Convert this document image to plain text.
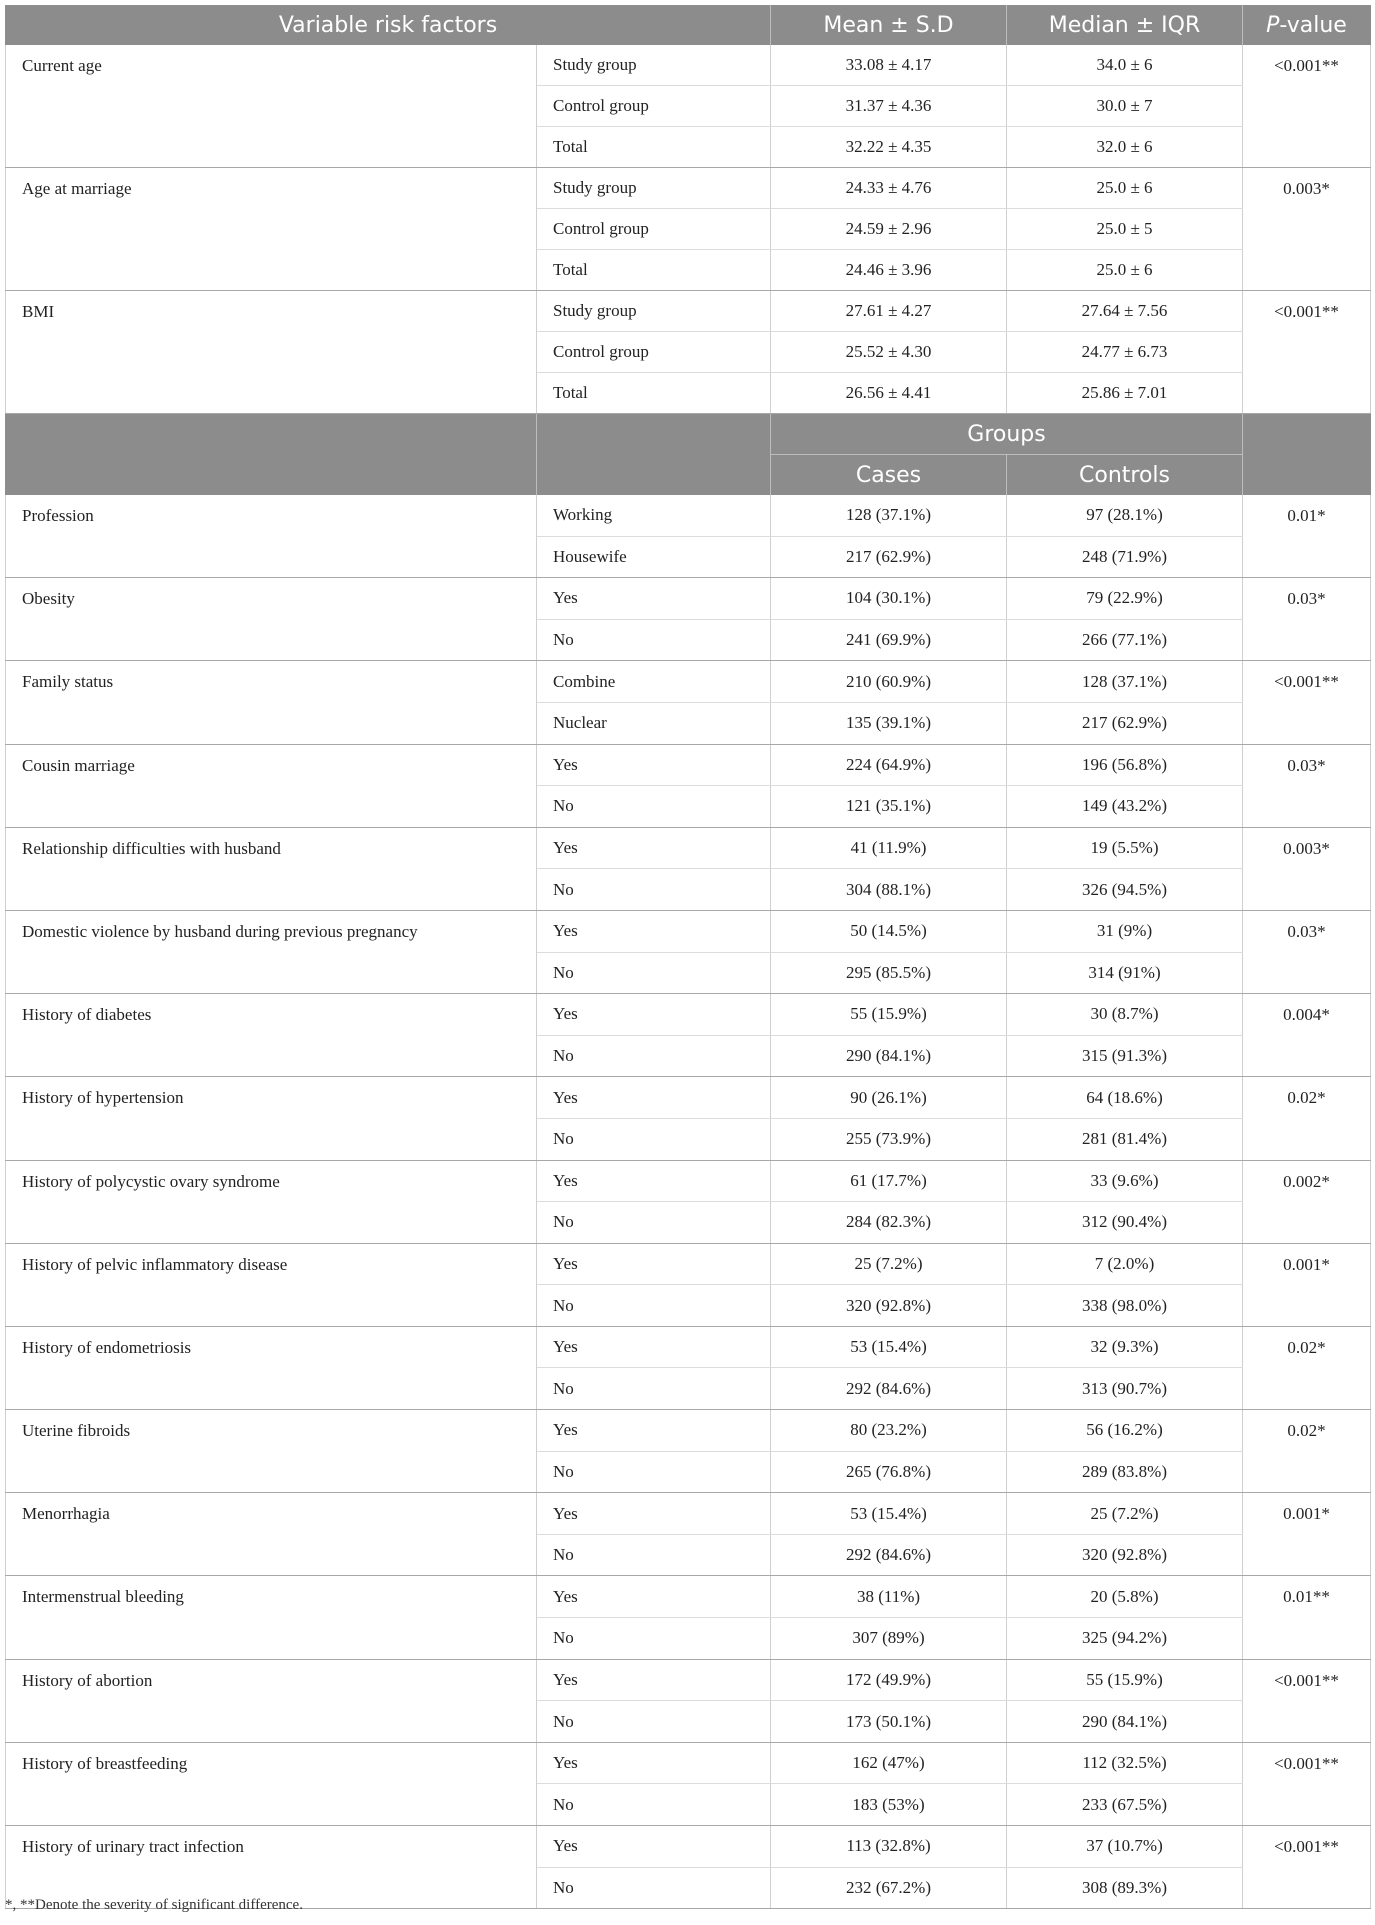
Variable risk factors		Mean ± S.D	Median ± IQR	P-value
Current age	Study group	33.08 ± 4.17	34.0 ± 6	<0.001**
	Control group	31.37 ± 4.36	30.0 ± 7	
	Total	32.22 ± 4.35	32.0 ± 6	
Age at marriage	Study group	24.33 ± 4.76	25.0 ± 6	0.003*
	Control group	24.59 ± 2.96	25.0 ± 5	
	Total	24.46 ± 3.96	25.0 ± 6	
BMI	Study group	27.61 ± 4.27	27.64 ± 7.56	<0.001**
	Control group	25.52 ± 4.30	24.77 ± 6.73	
	Total	26.56 ± 4.41	25.86 ± 7.01	
		Groups		
		Cases	Controls	
Profession	Working	128 (37.1%)	97 (28.1%)	0.01*
	Housewife	217 (62.9%)	248 (71.9%)	
Obesity	Yes	104 (30.1%)	79 (22.9%)	0.03*
	No	241 (69.9%)	266 (77.1%)	
Family status	Combine	210 (60.9%)	128 (37.1%)	<0.001**
	Nuclear	135 (39.1%)	217 (62.9%)	
Cousin marriage	Yes	224 (64.9%)	196 (56.8%)	0.03*
	No	121 (35.1%)	149 (43.2%)	
Relationship difficulties with husband	Yes	41 (11.9%)	19 (5.5%)	0.003*
	No	304 (88.1%)	326 (94.5%)	
Domestic violence by husband during previous pregnancy	Yes	50 (14.5%)	31 (9%)	0.03*
	No	295 (85.5%)	314 (91%)	
History of diabetes	Yes	55 (15.9%)	30 (8.7%)	0.004*
	No	290 (84.1%)	315 (91.3%)	
History of hypertension	Yes	90 (26.1%)	64 (18.6%)	0.02*
	No	255 (73.9%)	281 (81.4%)	
History of polycystic ovary syndrome	Yes	61 (17.7%)	33 (9.6%)	0.002*
	No	284 (82.3%)	312 (90.4%)	
History of pelvic inflammatory disease	Yes	25 (7.2%)	7 (2.0%)	0.001*
	No	320 (92.8%)	338 (98.0%)	
History of endometriosis	Yes	53 (15.4%)	32 (9.3%)	0.02*
	No	292 (84.6%)	313 (90.7%)	
Uterine fibroids	Yes	80 (23.2%)	56 (16.2%)	0.02*
	No	265 (76.8%)	289 (83.8%)	
Menorrhagia	Yes	53 (15.4%)	25 (7.2%)	0.001*
	No	292 (84.6%)	320 (92.8%)	
Intermenstrual bleeding	Yes	38 (11%)	20 (5.8%)	0.01**
	No	307 (89%)	325 (94.2%)	
History of abortion	Yes	172 (49.9%)	55 (15.9%)	<0.001**
	No	173 (50.1%)	290 (84.1%)	
History of breastfeeding	Yes	162 (47%)	112 (32.5%)	<0.001**
	No	183 (53%)	233 (67.5%)	
History of urinary tract infection	Yes	113 (32.8%)	37 (10.7%)	<0.001**
	No	232 (67.2%)	308 (89.3%)	
*, **Denote the severity of significant difference.
